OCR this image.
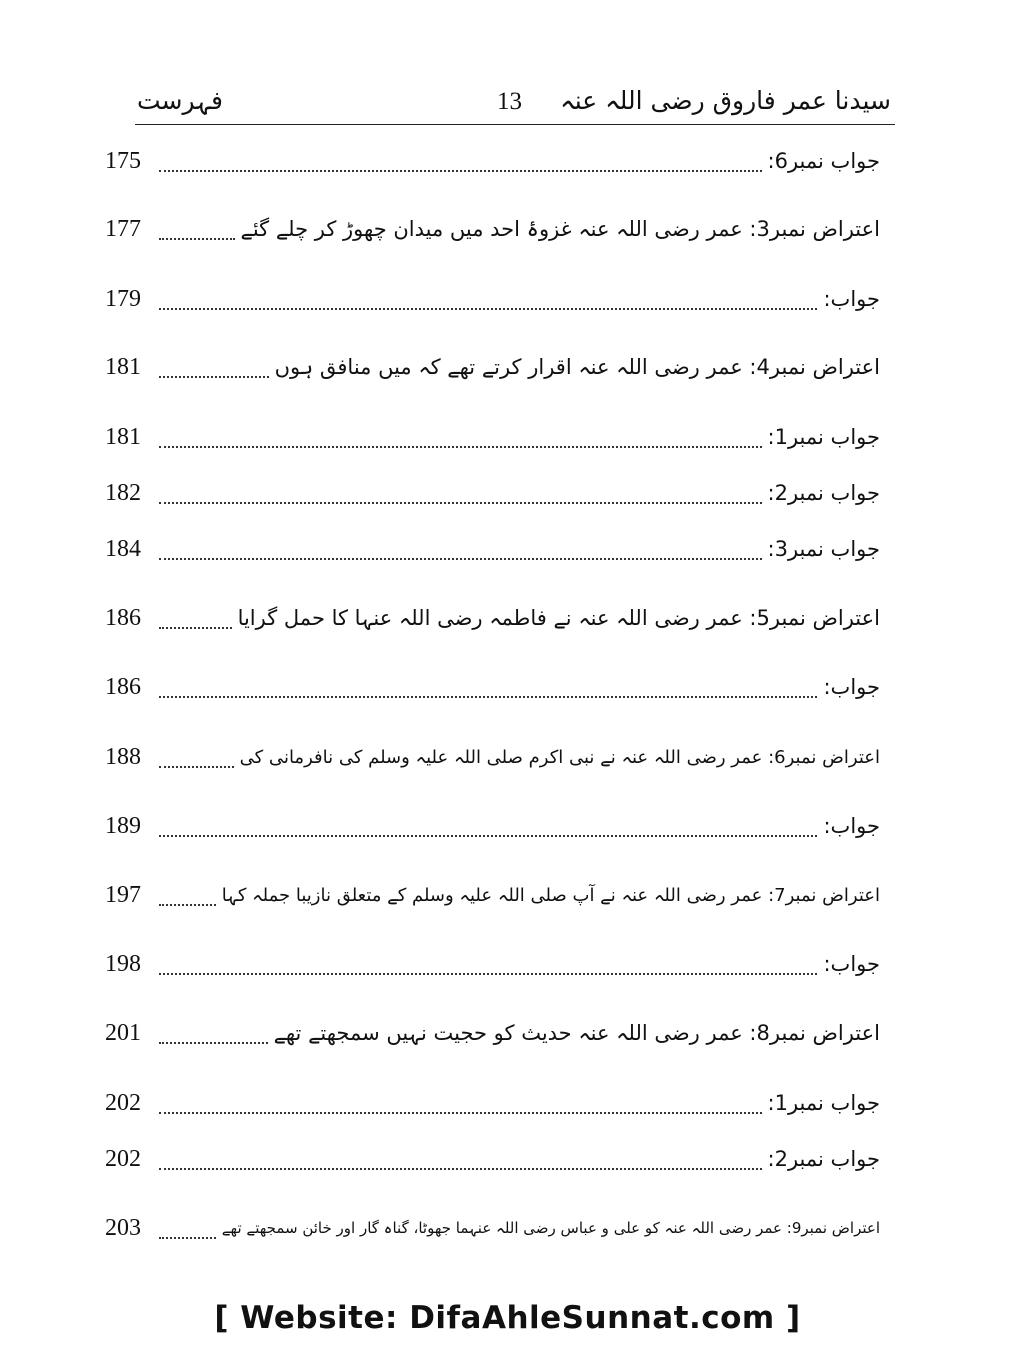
سیدنا عمر فاروق رضی اللہ عنہ
13
فہرست
175	جواب نمبر6:
177	اعتراض نمبر3: عمر رضی اللہ عنہ غزوۂ احد میں میدان چھوڑ کر چلے گئے
179	جواب:
181	اعتراض نمبر4: عمر رضی اللہ عنہ اقرار کرتے تھے کہ میں منافق ہوں
181	جواب نمبر1:
182	جواب نمبر2:
184	جواب نمبر3:
186	اعتراض نمبر5: عمر رضی اللہ عنہ نے فاطمہ رضی اللہ عنہا کا حمل گرایا
186	جواب:
188	اعتراض نمبر6: عمر رضی اللہ عنہ نے نبی اکرم صلی اللہ علیہ وسلم کی نافرمانی کی
189	جواب:
197	اعتراض نمبر7: عمر رضی اللہ عنہ نے آپ صلی اللہ علیہ وسلم کے متعلق نازیبا جملہ کہا
198	جواب:
201	اعتراض نمبر8: عمر رضی اللہ عنہ حدیث کو حجیت نہیں سمجھتے تھے
202	جواب نمبر1:
202	جواب نمبر2:
203	اعتراض نمبر9: عمر رضی اللہ عنہ کو علی و عباس رضی اللہ عنہما جھوٹا، گناہ گار اور خائن سمجھتے تھے
[ Website: DifaAhleSunnat.com ]
